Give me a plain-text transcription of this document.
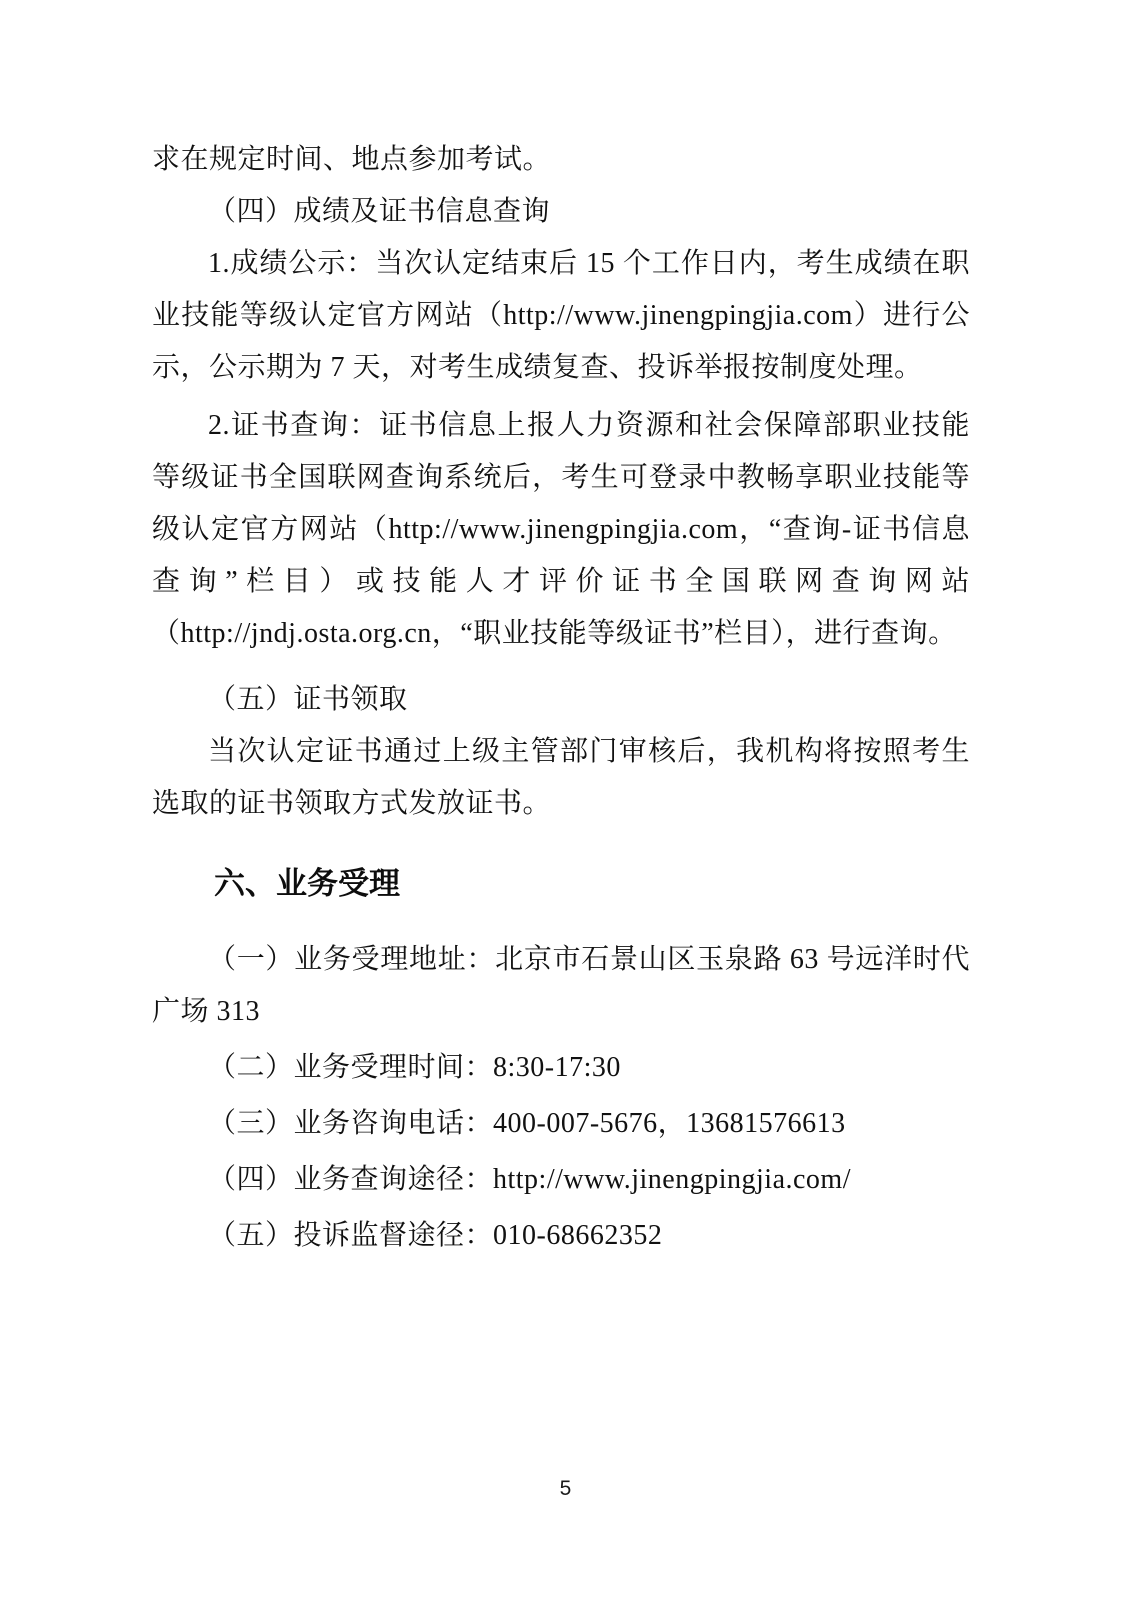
求在规定时间、地点参加考试。

（四）成绩及证书信息查询

1.成绩公示：当次认定结束后 15 个工作日内，考生成绩在职业技能等级认定官方网站（http://www.jinengpingjia.com）进行公示，公示期为 7 天，对考生成绩复查、投诉举报按制度处理。

2.证书查询：证书信息上报人力资源和社会保障部职业技能等级证书全国联网查询系统后，考生可登录中教畅享职业技能等级认定官方网站（http://www.jinengpingjia.com，“查询-证书信息查询”栏目）或技能人才评价证书全国联网查询网站（http://jndj.osta.org.cn，“职业技能等级证书”栏目），进行查询。

（五）证书领取

当次认定证书通过上级主管部门审核后，我机构将按照考生选取的证书领取方式发放证书。

六、业务受理

（一）业务受理地址：北京市石景山区玉泉路 63 号远洋时代广场 313

（二）业务受理时间：8:30-17:30

（三）业务咨询电话：400-007-5676，13681576613

（四）业务查询途径：http://www.jinengpingjia.com/

（五）投诉监督途径：010-68662352

5
